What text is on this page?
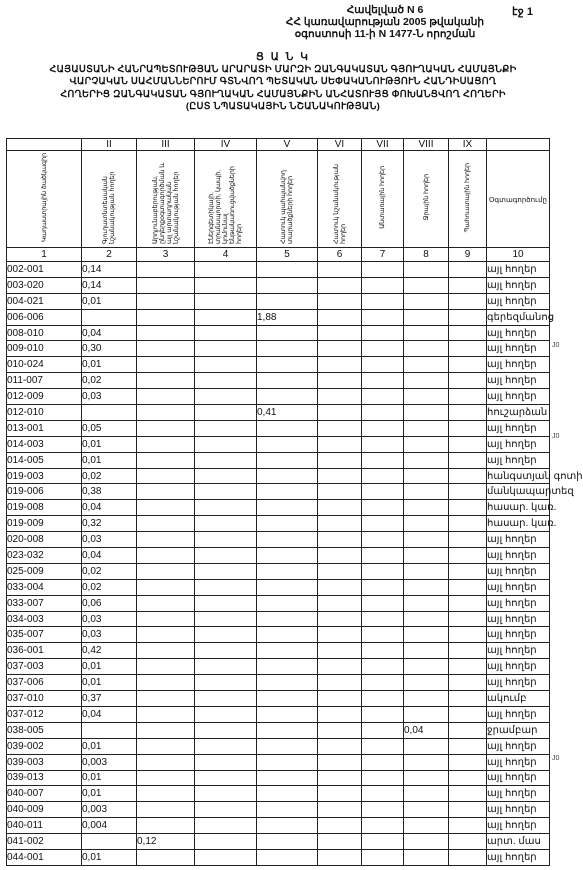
Հավելված N 6
ՀՀ կառավարության 2005 թվականի
օգոստոսի 11-ի N 1477-Ն որոշման
էջ 1
Ց Ա Ն Կ
ՀԱՅԱՍՏԱՆԻ ՀԱՆՐԱՊԵՏՈՒԹՅԱՆ ԱՐԱՐԱՏԻ ՄԱՐԶԻ ԶԱՆԳԱԿԱՏԱՆ ԳՅՈՒՂԱԿԱՆ ՀԱՄԱՅՆՔԻ
ՎԱՐՉԱԿԱՆ ՍԱՀՄԱՆՆԵՐՈՒՄ ԳՏՆՎՈՂ ՊԵՏԱԿԱՆ ՍԵՓԱԿԱՆՈՒԹՅՈՒՆ ՀԱՆԴԻՍԱՑՈՂ
ՀՈՂԵՐԻՑ ԶԱՆԳԱԿԱՏԱՆ ԳՅՈՒՂԱԿԱՆ ՀԱՄԱՅՆՔԻՆ ԱՆՀԱՏՈՒՅՑ ՓՈԽԱՆՑՎՈՂ ՀՈՂԵՐԻ
(ԸՍՏ ՆՊԱՏԱԿԱՅԻՆ ՆՇԱՆԱԿՈՒԹՅԱՆ)
	II	III	IV	V	VI	VII	VIII	IX	
Կադաստրային ծածկագիր	Գյուղատնտեսական նշանակության հողեր	Արդյունաբերության, ընդերքօգտագործման և այլ արտադրական նշանակության հողեր	Էներգետիկայի, տրանսպորտի, կապի, կոմունալ ենթակառուցվածքների հողեր	Հատուկ պահպանվող տարածքների հողեր	Հատուկ նշանակության հողեր	Անտառային հողեր	Ջրային հողեր	Պահուստային հողեր	Օգտագործումը
1	2	3	4	5	6	7	8	9	10
002-001	0,14								այլ հողեր
003-020	0,14								այլ հողեր
004-021	0,01								այլ հողեր
006-006				1,88					գերեզմանոց
008-010	0,04								այլ հողեր
009-010	0,30								այլ հողեր
010-024	0,01								այլ հողեր
011-007	0,02								այլ հողեր
012-009	0,03								այլ հողեր
012-010				0,41					հուշարձան
013-001	0,05								այլ հողեր
014-003	0,01								այլ հողեր
014-005	0,01								այլ հողեր
019-003	0,02								հանգստյան գոտի
019-006	0,38								մանկապարտեզ
019-008	0,04								հասար. կառ.
019-009	0,32								հասար. կառ.
020-008	0,03								այլ հողեր
023-032	0,04								այլ հողեր
025-009	0,02								այլ հողեր
033-004	0,02								այլ հողեր
033-007	0,06								այլ հողեր
034-003	0,03								այլ հողեր
035-007	0,03								այլ հողեր
036-001	0,42								այլ հողեր
037-003	0,01								այլ հողեր
037-006	0,01								այլ հողեր
037-010	0,37								ակումբ
037-012	0,04								այլ հողեր
038-005							0,04		ջրամբար
039-002	0,01								այլ հողեր
039-003	0,003								այլ հողեր
039-013	0,01								այլ հողեր
040-007	0,01								այլ հողեր
040-009	0,003								այլ հողեր
040-011	0,004								այլ հողեր
041-002		0,12							արտ. մաս
044-001	0,01								այլ հողեր
J0
J0
J0
